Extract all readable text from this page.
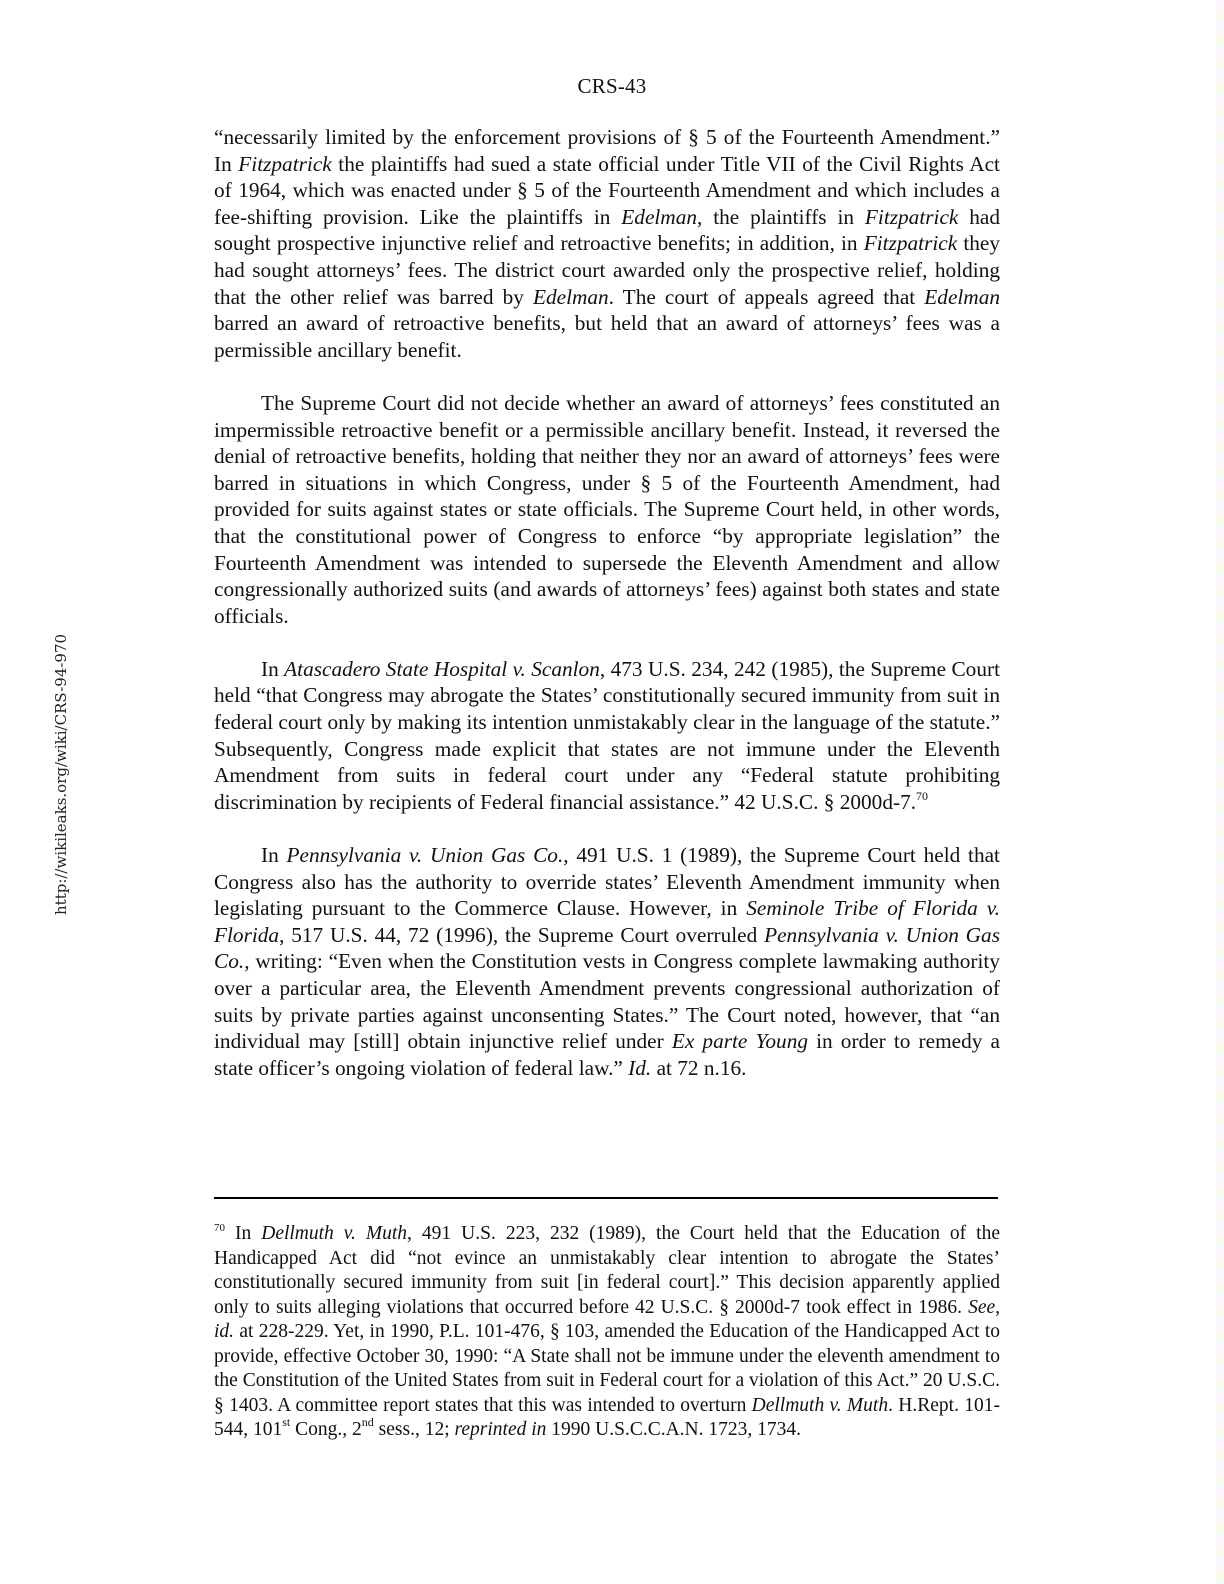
CRS-43
http://wikileaks.org/wiki/CRS-94-970

“necessarily limited by the enforcement provisions of § 5 of the Fourteenth Amendment.” In Fitzpatrick the plaintiffs had sued a state official under Title VII of the Civil Rights Act of 1964, which was enacted under § 5 of the Fourteenth Amendment and which includes a fee-shifting provision. Like the plaintiffs in Edelman, the plaintiffs in Fitzpatrick had sought prospective injunctive relief and retroactive benefits; in addition, in Fitzpatrick they had sought attorneys’ fees. The district court awarded only the prospective relief, holding that the other relief was barred by Edelman. The court of appeals agreed that Edelman barred an award of retroactive benefits, but held that an award of attorneys’ fees was a permissible ancillary benefit.

The Supreme Court did not decide whether an award of attorneys’ fees constituted an impermissible retroactive benefit or a permissible ancillary benefit. Instead, it reversed the denial of retroactive benefits, holding that neither they nor an award of attorneys’ fees were barred in situations in which Congress, under § 5 of the Fourteenth Amendment, had provided for suits against states or state officials. The Supreme Court held, in other words, that the constitutional power of Congress to enforce “by appropriate legislation” the Fourteenth Amendment was intended to supersede the Eleventh Amendment and allow congressionally authorized suits (and awards of attorneys’ fees) against both states and state officials.

In Atascadero State Hospital v. Scanlon, 473 U.S. 234, 242 (1985), the Supreme Court held “that Congress may abrogate the States’ constitutionally secured immunity from suit in federal court only by making its intention unmistakably clear in the language of the statute.” Subsequently, Congress made explicit that states are not immune under the Eleventh Amendment from suits in federal court under any “Federal statute prohibiting discrimination by recipients of Federal financial assistance.” 42 U.S.C. § 2000d-7.70

In Pennsylvania v. Union Gas Co., 491 U.S. 1 (1989), the Supreme Court held that Congress also has the authority to override states’ Eleventh Amendment immunity when legislating pursuant to the Commerce Clause. However, in Seminole Tribe of Florida v. Florida, 517 U.S. 44, 72 (1996), the Supreme Court overruled Pennsylvania v. Union Gas Co., writing: “Even when the Constitution vests in Congress complete lawmaking authority over a particular area, the Eleventh Amendment prevents congressional authorization of suits by private parties against unconsenting States.” The Court noted, however, that “an individual may [still] obtain injunctive relief under Ex parte Young in order to remedy a state officer’s ongoing violation of federal law.” Id. at 72 n.16.

$^{70}$ In Dellmuth v. Muth, 491 U.S. 223, 232 (1989), the Court held that the Education of the Handicapped Act did “not evince an unmistakably clear intention to abrogate the States’ constitutionally secured immunity from suit [in federal court].” This decision apparently applied only to suits alleging violations that occurred before 42 U.S.C. § 2000d-7 took effect in 1986. See, id. at 228-229. Yet, in 1990, P.L. 101-476, § 103, amended the Education of the Handicapped Act to provide, effective October 30, 1990: “A State shall not be immune under the eleventh amendment to the Constitution of the United States from suit in Federal court for a violation of this Act.” 20 U.S.C. § 1403. A committee report states that this was intended to overturn Dellmuth v. Muth. H.Rept. 101-544, 101st Cong., 2nd sess., 12; reprinted in 1990 U.S.C.C.A.N. 1723, 1734.
